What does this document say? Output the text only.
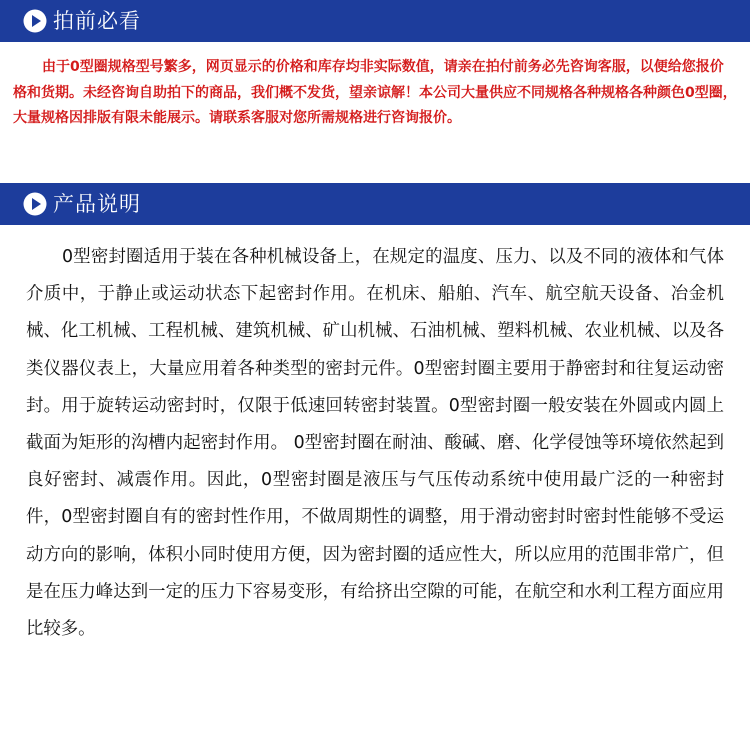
拍前必看
由于0型圈规格型号繁多，网页显示的价格和库存均非实际数值，请亲在拍付前务必先咨询客服，以便给您报价格和货期。未经咨询自助拍下的商品，我们概不发货，望亲谅解！本公司大量供应不同规格各种规格各种颜色0型圈，大量规格因排版有限未能展示。请联系客服对您所需规格进行咨询报价。
产品说明
0型密封圈适用于装在各种机械设备上，在规定的温度、压力、以及不同的液体和气体介质中，于静止或运动状态下起密封作用。在机床、船舶、汽车、航空航天设备、冶金机械、化工机械、工程机械、建筑机械、矿山机械、石油机械、塑料机械、农业机械、以及各类仪器仪表上，大量应用着各种类型的密封元件。0型密封圈主要用于静密封和往复运动密封。用于旋转运动密封时，仅限于低速回转密封装置。0型密封圈一般安装在外圆或内圆上截面为矩形的沟槽内起密封作用。 0型密封圈在耐油、酸碱、磨、化学侵蚀等环境依然起到良好密封、减震作用。因此，0型密封圈是液压与气压传动系统中使用最广泛的一种密封件，0型密封圈自有的密封性作用，不做周期性的调整，用于滑动密封时密封性能够不受运动方向的影响，体积小同时使用方便，因为密封圈的适应性大，所以应用的范围非常广，但是在压力峰达到一定的压力下容易变形，有给挤出空隙的可能，在航空和水利工程方面应用比较多。
